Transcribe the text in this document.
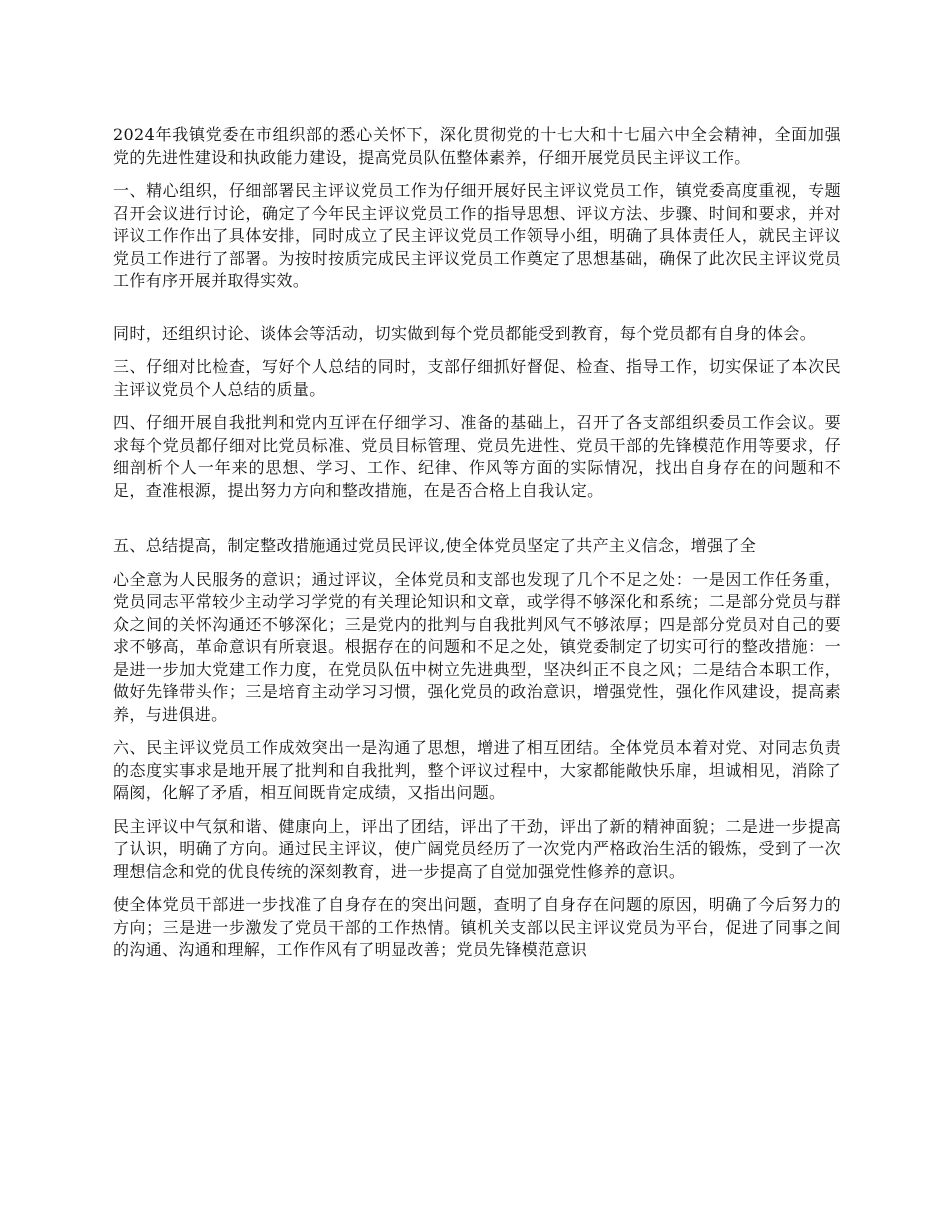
2024年我镇党委在市组织部的悉心关怀下，深化贯彻党的十七大和十七届六中全会精神，全面加强党的先进性建设和执政能力建设，提高党员队伍整体素养，仔细开展党员民主评议工作。

一、精心组织，仔细部署民主评议党员工作为仔细开展好民主评议党员工作，镇党委高度重视，专题召开会议进行讨论，确定了今年民主评议党员工作的指导思想、评议方法、步骤、时间和要求，并对评议工作作出了具体安排，同时成立了民主评议党员工作领导小组，明确了具体责任人，就民主评议党员工作进行了部署。为按时按质完成民主评议党员工作奠定了思想基础，确保了此次民主评议党员工作有序开展并取得实效。

同时，还组织讨论、谈体会等活动，切实做到每个党员都能受到教育，每个党员都有自身的体会。

三、仔细对比检查，写好个人总结的同时，支部仔细抓好督促、检查、指导工作，切实保证了本次民主评议党员个人总结的质量。

四、仔细开展自我批判和党内互评在仔细学习、准备的基础上，召开了各支部组织委员工作会议。要求每个党员都仔细对比党员标准、党员目标管理、党员先进性、党员干部的先锋模范作用等要求，仔细剖析个人一年来的思想、学习、工作、纪律、作风等方面的实际情况，找出自身存在的问题和不足，查准根源，提出努力方向和整改措施，在是否合格上自我认定。

五、总结提高，制定整改措施通过党员民评议,使全体党员坚定了共产主义信念，增强了全

心全意为人民服务的意识；通过评议，全体党员和支部也发现了几个不足之处：一是因工作任务重，党员同志平常较少主动学习学党的有关理论知识和文章，或学得不够深化和系统；二是部分党员与群众之间的关怀沟通还不够深化；三是党内的批判与自我批判风气不够浓厚；四是部分党员对自己的要求不够高，革命意识有所衰退。根据存在的问题和不足之处，镇党委制定了切实可行的整改措施：一是进一步加大党建工作力度，在党员队伍中树立先进典型，坚决纠正不良之风；二是结合本职工作，做好先锋带头作；三是培育主动学习习惯，强化党员的政治意识，增强党性，强化作风建设，提高素养，与进俱进。

六、民主评议党员工作成效突出一是沟通了思想，增进了相互团结。全体党员本着对党、对同志负责的态度实事求是地开展了批判和自我批判，整个评议过程中，大家都能敞快乐扉，坦诚相见，消除了隔阂，化解了矛盾，相互间既肯定成绩，又指出问题。

民主评议中气氛和谐、健康向上，评出了团结，评出了干劲，评出了新的精神面貌；二是进一步提高了认识，明确了方向。通过民主评议，使广阔党员经历了一次党内严格政治生活的锻炼，受到了一次理想信念和党的优良传统的深刻教育，进一步提高了自觉加强党性修养的意识。

使全体党员干部进一步找准了自身存在的突出问题，查明了自身存在问题的原因，明确了今后努力的方向；三是进一步激发了党员干部的工作热情。镇机关支部以民主评议党员为平台，促进了同事之间的沟通、沟通和理解，工作作风有了明显改善；党员先锋模范意识
